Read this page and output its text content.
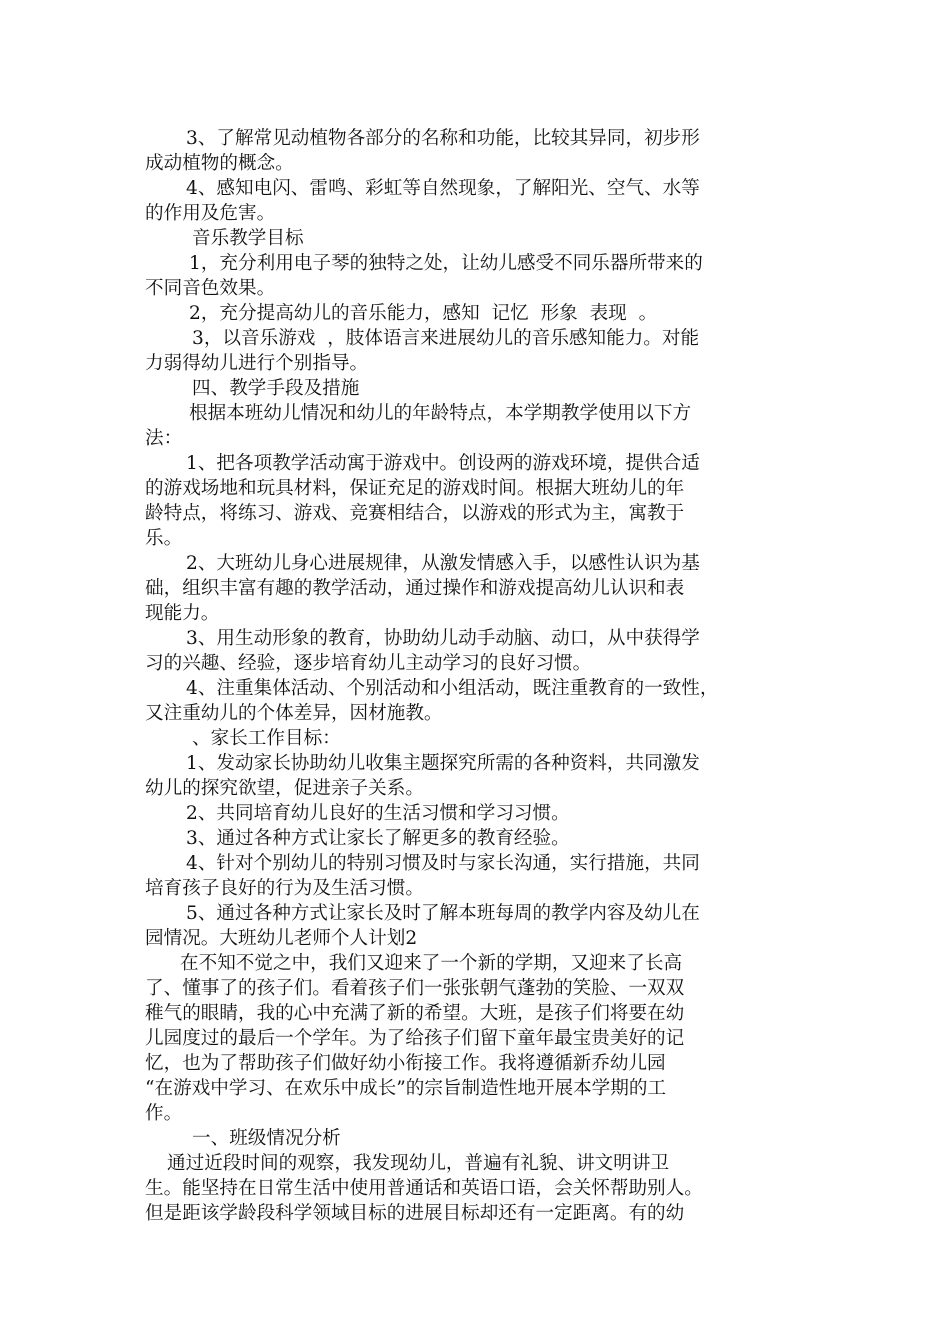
3、了解常见动植物各部分的名称和功能，比较其异同，初步形
成动植物的概念。
4、感知电闪、雷鸣、彩虹等自然现象，了解阳光、空气、水等
的作用及危害。
音乐教学目标
1，充分利用电子琴的独特之处，让幼儿感受不同乐器所带来的
不同音色效果。
2，充分提高幼儿的音乐能力，感知  记忆  形象  表现  。
3，以音乐游戏  ，肢体语言来进展幼儿的音乐感知能力。对能
力弱得幼儿进行个别指导。
四、教学手段及措施
根据本班幼儿情况和幼儿的年龄特点，本学期教学使用以下方
法：
1、把各项教学活动寓于游戏中。创设两的游戏环境，提供合适
的游戏场地和玩具材料，保证充足的游戏时间。根据大班幼儿的年
龄特点，将练习、游戏、竞赛相结合，以游戏的形式为主，寓教于
乐。
2、大班幼儿身心进展规律，从激发情感入手，以感性认识为基
础，组织丰富有趣的教学活动，通过操作和游戏提高幼儿认识和表
现能力。
3、用生动形象的教育，协助幼儿动手动脑、动口，从中获得学
习的兴趣、经验，逐步培育幼儿主动学习的良好习惯。
4、注重集体活动、个别活动和小组活动，既注重教育的一致性，
又注重幼儿的个体差异，因材施教。
、家长工作目标：
1、发动家长协助幼儿收集主题探究所需的各种资料，共同激发
幼儿的探究欲望，促进亲子关系。
2、共同培育幼儿良好的生活习惯和学习习惯。
3、通过各种方式让家长了解更多的教育经验。
4、针对个别幼儿的特别习惯及时与家长沟通，实行措施，共同
培育孩子良好的行为及生活习惯。
5、通过各种方式让家长及时了解本班每周的教学内容及幼儿在
园情况。大班幼儿老师个人计划2
在不知不觉之中，我们又迎来了一个新的学期，又迎来了长高
了、懂事了的孩子们。看着孩子们一张张朝气蓬勃的笑脸、一双双
稚气的眼睛，我的心中充满了新的希望。大班，是孩子们将要在幼
儿园度过的最后一个学年。为了给孩子们留下童年最宝贵美好的记
忆，也为了帮助孩子们做好幼小衔接工作。我将遵循新乔幼儿园
“在游戏中学习、在欢乐中成长”的宗旨制造性地开展本学期的工
作。
一、班级情况分析
通过近段时间的观察，我发现幼儿，普遍有礼貌、讲文明讲卫
生。能坚持在日常生活中使用普通话和英语口语，会关怀帮助别人。
但是距该学龄段科学领域目标的进展目标却还有一定距离。有的幼
